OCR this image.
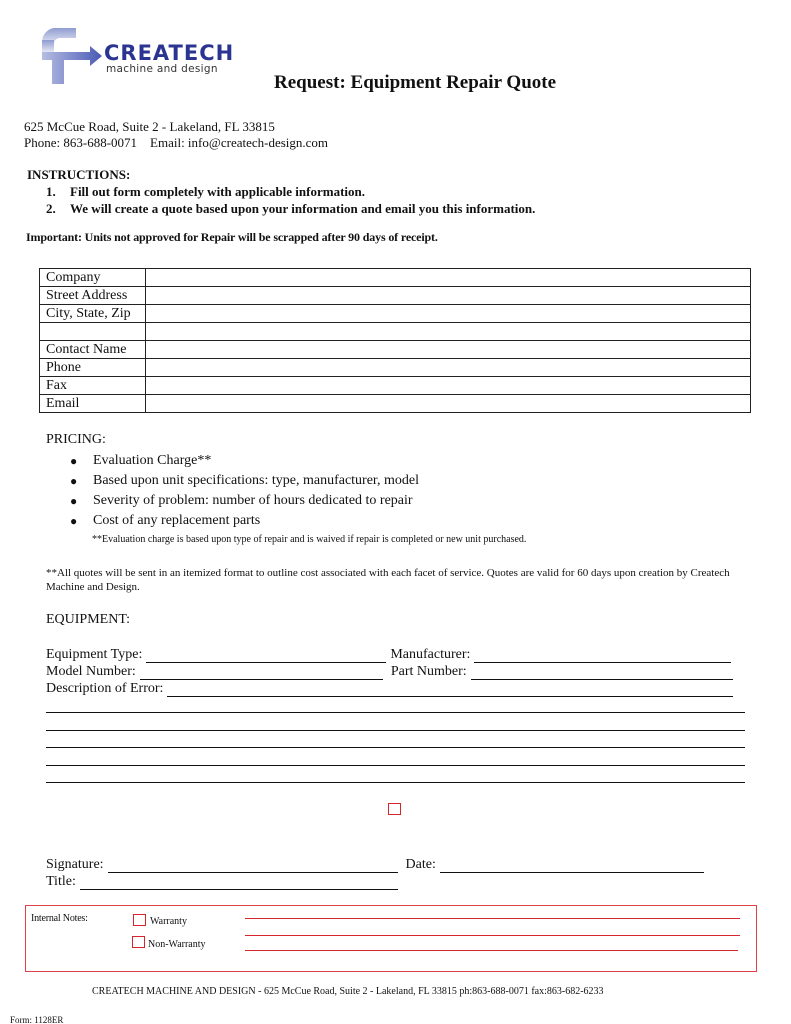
CREATECH
machine and design
Request: Equipment Repair Quote
625 McCue Road, Suite 2 - Lakeland, FL 33815
Phone: 863-688-0071    Email: info@createch-design.com
INSTRUCTIONS:
1. Fill out form completely with applicable information.
2. We will create a quote based upon your information and email you this information.
Important: Units not approved for Repair will be scrapped after 90 days of receipt.
Company	
Street Address	
City, State, Zip	

Contact Name	
Phone	
Fax	
Email	
PRICING:
●	Evaluation Charge**
●	Based upon unit specifications: type, manufacturer, model
●	Severity of problem: number of hours dedicated to repair
●	Cost of any replacement parts
**Evaluation charge is based upon type of repair and is waived if repair is completed or new unit purchased.
**All quotes will be sent in an itemized format to outline cost associated with each facet of service. Quotes are valid for 60 days upon creation by Createch Machine and Design.
EQUIPMENT:
Equipment Type:	Manufacturer:
Model Number:	Part Number:
Description of Error:
Signature:	Date:
Title:
Internal Notes:	Warranty
Non-Warranty
CREATECH MACHINE AND DESIGN - 625 McCue Road, Suite 2 - Lakeland, FL 33815 ph:863-688-0071 fax:863-682-6233
Form: 1128ER
